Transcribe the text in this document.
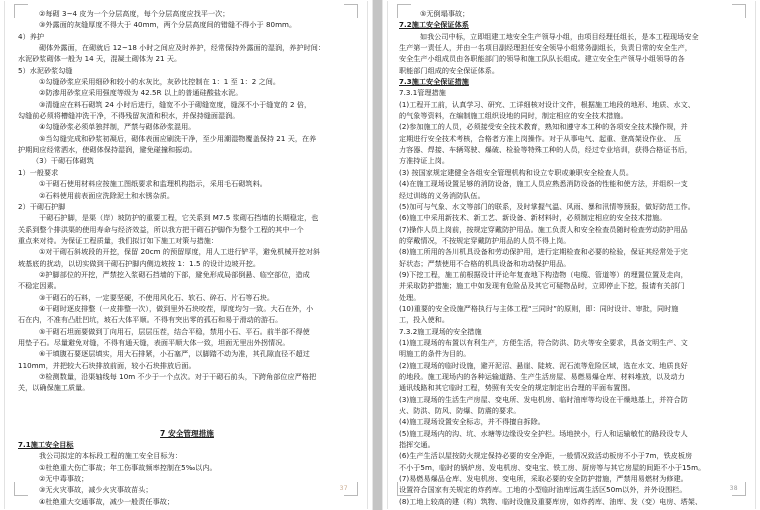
②每砌 3~4 皮为一个分层高度，每个分层高度应找平一次；

③外露面的灰缝厚度不得大于 40mm，两个分层高度间的错缝不得小于 80mm。

4）养护

砌体外露面，在砌就后 12~18 小时之间应及时养护，经常保持外露面的湿润，养护时间：

水泥砂浆砌体一般为 14 天，混凝土砌体为 21 天。

5）水泥砂浆勾缝

①勾缝砂浆应采用细砂和较小的水灰比，灰砂比控制在 1：1 至 1：2 之间。

②防渗用砂浆应采用强度等级为 42.5R 以上的普通硅酸盐水泥。

③清缝应在料石砌筑 24 小时后进行，缝宽不小于砌缝宽度，缝深不小于缝宽的 2 倍，

勾缝前必须将槽缝冲洗干净，不得残留灰渣和积水，并保持缝面湿润。

④勾缝砂浆必须单独拌制，严禁与砌体砂浆混用。

⑤当勾缝完成和砂浆初凝后，砌体表面应刷洗干净，至少用潮湿物覆盖保持 21 天，在养

护期间应经常洒水，使砌体保持湿润，避免碰撞和振动。

（3）干砌石体砌筑

1）一般要求

①干砌石使用材料应按施工图纸要求和监理机构指示，采用毛石砌筑料。

②石料使用前表面应洗除泥土和水锈杂质。

2）干砌石护脚

干砌石护脚，是渠（岸）坡防护的重要工程，它关系到 M7.5 浆砌石挡墙的长期稳定，也

关系到整个排洪渠的使用寿命与经济效益，所以我方把干砌石护脚作为整个工程的其中一个

重点来对待。为保证工程质量，我们拟订如下施工对策与措施：

①对干砌石斜坡段的开挖，保留 20cm 的预留厚度，用人工进行铲平，避免机械开挖对斜

坡基底的扰动，以切实做到干砌石护脚内侧边坡按 1：1.5 的设计边坡开挖。

②护脚部位的开挖，严禁挖入浆砌石挡墙的下部，避免形成局部倒悬、临空部位，造成

不稳定因素。

③干砌石的石料，一定要坚硬，不使用风化石、软石、碎石、片石等石块。

④干砌时逐皮排整（一皮排整一次），做到里外石块咬茬，厚度均匀一致。大石在外，小

石在内，不准有凸肚凹坑，坡石大体平顺。不得有突出零的孤石和易于滑动的游石。

⑤干砌石坦面要做到丁向用石，层层压茬，结合平稳，禁用小石、平石。前半部不得使

用垫子石。尽量避免对缝，不得有通天缝，表面平顺大体一致，坦面无里出外拐情况。

⑥干填腹石要逐层填实，用大石排紧，小石塞严，以脚踏不动为准，其孔隙直径不超过

110mm，并把较大石块排放前面，较小石块排放后面。

⑦检测数量，沿渠轴线每 10m 不少于一个点次。对于干砌石前头，下跨角部位应严格把

关，以确保施工质量。

7 安全管理措施

7.1施工安全目标

我公司拟定的本标段工程的施工安全目标为：

①杜绝重大伤亡事故；年工伤事故频率控制在5‰以内。

②无中毒事故；

③无火灾事故，减少火灾事故苗头；

④杜绝重大交通事故，减少一般责任事故；

37

⑤无倒塌事故；

7.2施工安全保证体系

如我公司中标，立即组建工地安全生产领导小组，由项目经理任组长，是本工程现场安全

生产第一责任人，并由一名项目副经理担任安全领导小组常务副组长，负责日常的安全生产，

安全生产小组成员由各职能部门的领导和施工队队长组成。建立安全生产领导小组领导的各

职能部门组成的安全保证体系。

7.3施工安全保证措施

7.3.1管理措施

(1)工程开工前，认真学习、研究、工详细核对设计文件，根据施工地段的地形、地质、水文、

的气象等资料，在编制施工组织设地的同时，制定相应的安全技术措施。

(2)参加施工的人员，必须接受安全技术教育，熟知和遵守本工种的各项安全技术操作规，并

定期进行安全技术考核，合格者方准上岗操作。对于从事电气、起重、登高架设作业、　压

力容器、焊接、车辆驾驶、爆破、检验等特殊工种的人员，经过专业培训，获得合格证书后，

方准持证上岗。

(3) 按国家规定建健全各组安全管理机构和设立专职或兼职安全检查人员。

(4)在施工现场设置足够的消防设备，施工人员应熟悉消防设备的性能和使方法，并组织一支

经过训练的义务消防队伍。

(5)加可与气象、水文等部门的联系，及时掌握气温、风雨、暴和汛情等预报，做好防范工作。

(6)施工中采用新技术、新工艺、新设备、新材料时，必须制定相应的安全技术措施。

(7)操作人员上岗前，按规定穿戴防护用品。施工负责人和安全检查员随时检查劳动防护用品

的穿戴情况，不按规定穿戴防护用品的人员不得上岗。

(8)施工所用的各川机具设备和劳动保护用，进行定期检查和必要的检验，保证其经常处于完

好状态；严禁使用不合格的机具设备和功动保护用品。

(9)下挖工程，施工前根据设计评论年复查地下构造物（电缆、管道等）的埋置位置及走向，

并采取防护措施；施工中如发现有危险品及其它可疑物品时，立即停止下挖，报请有关部门

处理。

(10)重要的安全设施严格执行与主体工程“三同时”的原则，即：同时设计、审批，同时施

工，投入使和。

7.3.2施工现场的安全措施

(1)施工现场的布置以有利生产，方便生活，符合防洪、防火等安全要求，具备文明生产、文

明施工的条件为目的。

(2)施工现场的临时设施，避开泥沼、悬崖、陡坡、泥石流等危险区域，选在水文、地质良好

的地段。施工现场内的各种运输道路、生产生活房屋、易燃易爆仓库、材料堆放，以及动力

通讯线路和其它临时工程，势照有关安全的规定制定出合理的平面布置图。

(3)施工现场的生活生产房屋、变电所、发电机房、临时油库等均设在干燥地基上，并符合防

火、防洪、防风、防爆、防震的要求。

(4)施工现场设置安全标志，并不得擅自拆除。

(5)施工现场内的沟、坑、水塘等边缘设安全护栏。场地挟小，行人和运输敏忙的路段设专人

指挥交通。

(6)生产生活以屋按防火规定保持必要的安全净距，一般情况致活动板房不小于7m，铁皮板房

不小于5m，临时的锅炉房、发电机房、变电宝、铁工房、厨房等与其它房屋的间距不小于15m。

(7)易燃易爆品仓库、发电机房、变电所，采取必要的安全防护措施，严禁用易燃材为修建。

设置符合国家有关规定的炸药库。工地的小型临时油库远离生活区50m以外，并外设围栏。

(8)工地上较高的建（构）筑物、临时设施及重要库房，如炸药库、油库、发（变）电房、塔架、

38
